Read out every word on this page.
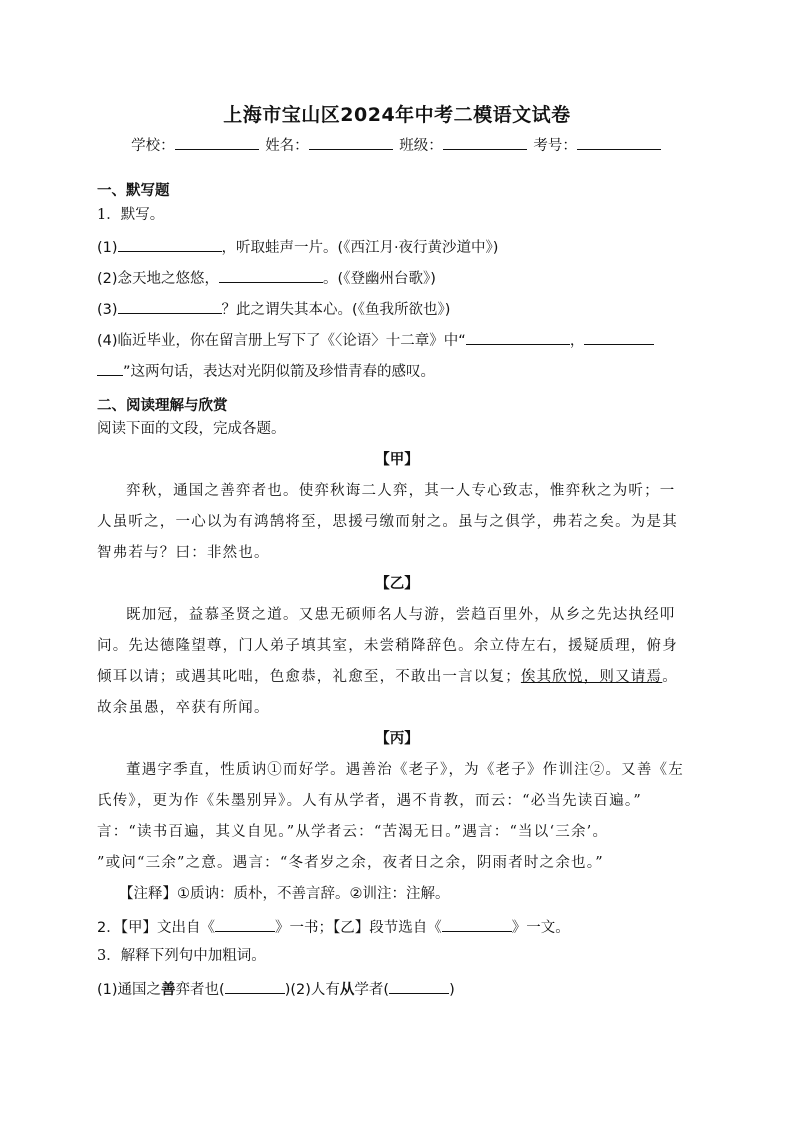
上海市宝山区2024年中考二模语文试卷
学校：	姓名：	班级：	考号：
一、默写题
1．默写。
(1)	，听取蛙声一片。(《西江月·夜行黄沙道中》)
(2)念天地之悠悠，	。(《登幽州台歌》)
(3)	？此之谓失其本心。(《鱼我所欲也》)
(4)临近毕业，你在留言册上写下了《〈论语〉十二章》中“	，
”这两句话，表达对光阴似箭及珍惜青春的感叹。
二、阅读理解与欣赏
阅读下面的文段，完成各题。
【甲】
弈秋，通国之善弈者也。使弈秋诲二人弈，其一人专心致志，惟弈秋之为听；一
人虽听之，一心以为有鸿鹄将至，思援弓缴而射之。虽与之俱学，弗若之矣。为是其
智弗若与？曰：非然也。
【乙】
既加冠，益慕圣贤之道。又患无硕师名人与游，尝趋百里外，从乡之先达执经叩
问。先达德隆望尊，门人弟子填其室，未尝稍降辞色。余立侍左右，援疑质理，俯身
倾耳以请；或遇其叱咄，色愈恭，礼愈至，不敢出一言以复；俟其欣悦，则又请焉。
故余虽愚，卒获有所闻。
【丙】
董遇字季直，性质讷①而好学。遇善治《老子》，为《老子》作训注②。又善《左
氏传》，更为作《朱墨别异》。人有从学者，遇不肯教，而云：“必当先读百遍。”
言：“读书百遍，其义自见。”从学者云：“苦渴无日。”遇言：“当以‘三余’。
”或问“三余”之意。遇言：“冬者岁之余，夜者日之余，阴雨者时之余也。”
【注释】①质讷：质朴，不善言辞。②训注：注解。
2．【甲】文出自《	》一书；【乙】段节选自《	》一文。
3．解释下列句中加粗词。
(1)通国之善弈者也(	)(2)人有从学者(	)
